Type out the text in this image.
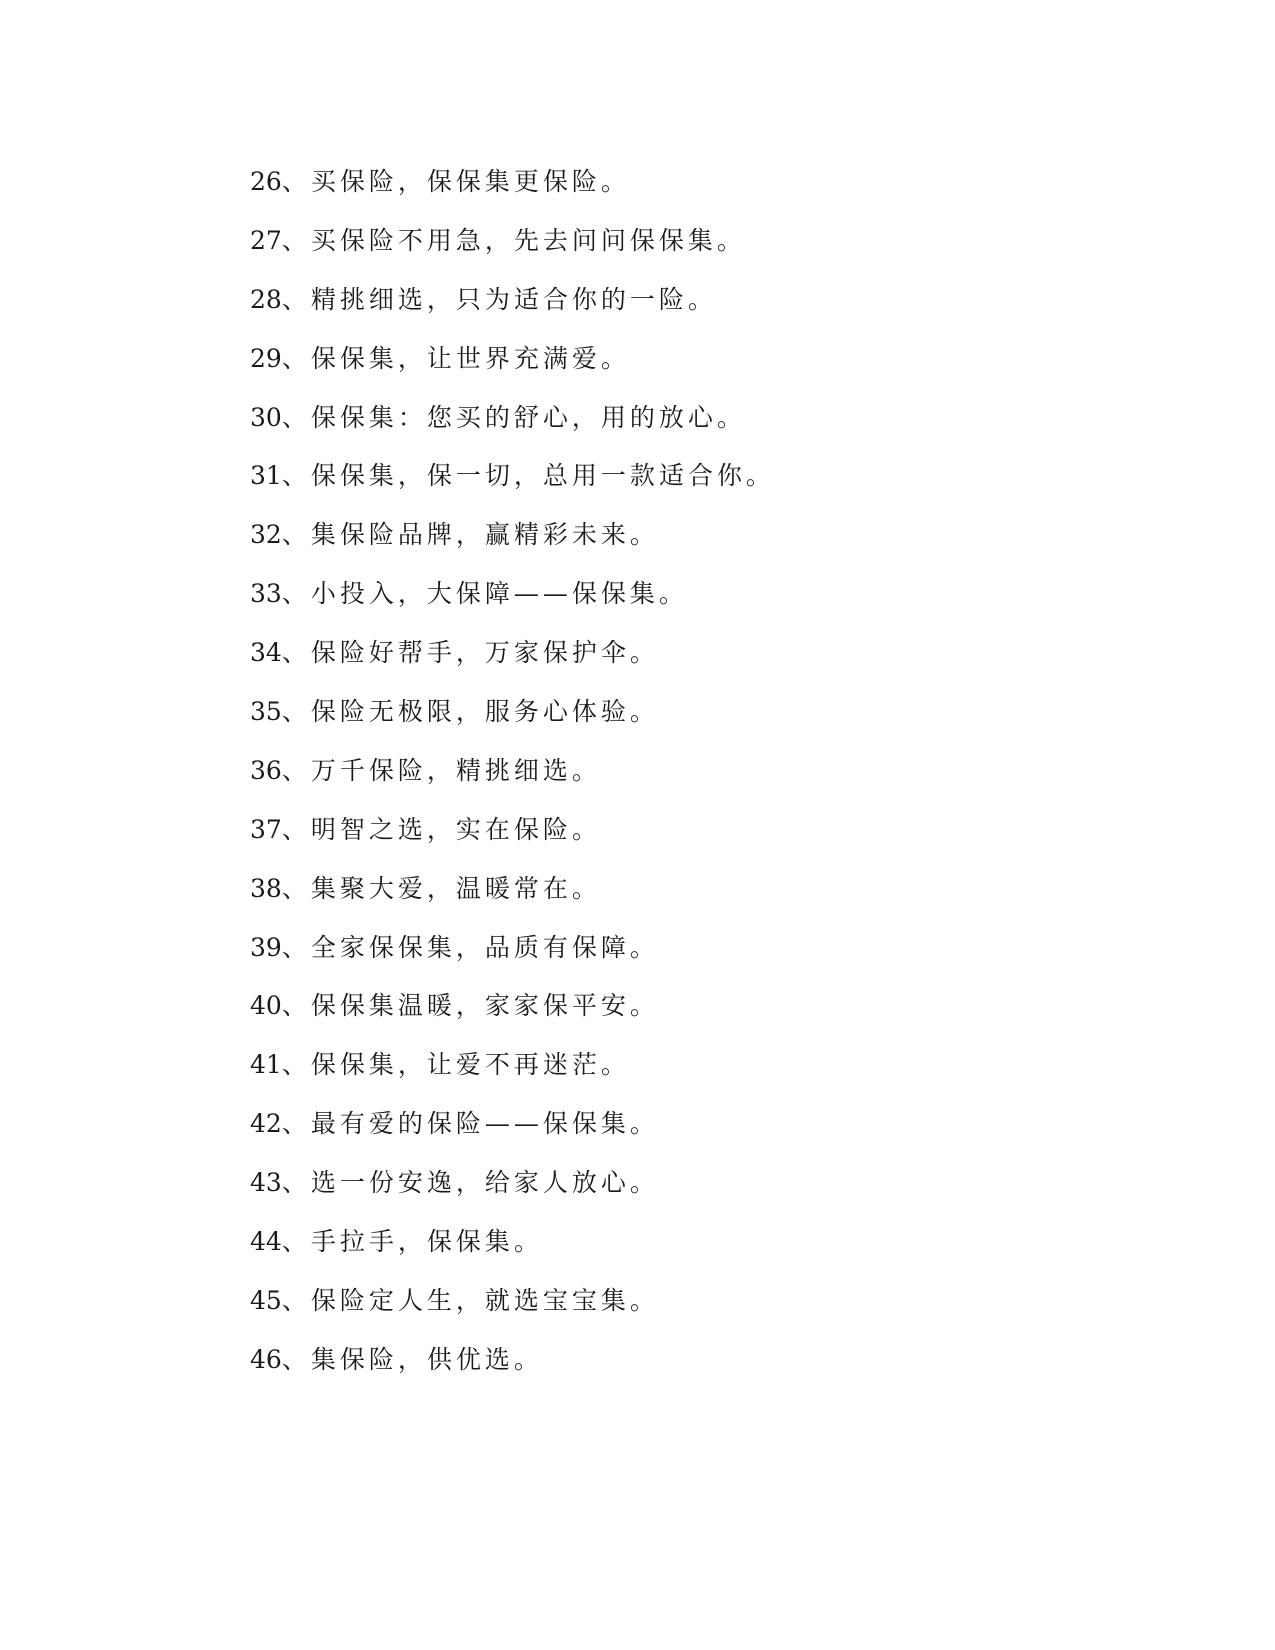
26、买保险，保保集更保险。
27、买保险不用急，先去问问保保集。
28、精挑细选，只为适合你的一险。
29、保保集，让世界充满爱。
30、保保集：您买的舒心，用的放心。
31、保保集，保一切，总用一款适合你。
32、集保险品牌，赢精彩未来。
33、小投入，大保障——保保集。
34、保险好帮手，万家保护伞。
35、保险无极限，服务心体验。
36、万千保险，精挑细选。
37、明智之选，实在保险。
38、集聚大爱，温暖常在。
39、全家保保集，品质有保障。
40、保保集温暖，家家保平安。
41、保保集，让爱不再迷茫。
42、最有爱的保险——保保集。
43、选一份安逸，给家人放心。
44、手拉手，保保集。
45、保险定人生，就选宝宝集。
46、集保险，供优选。
